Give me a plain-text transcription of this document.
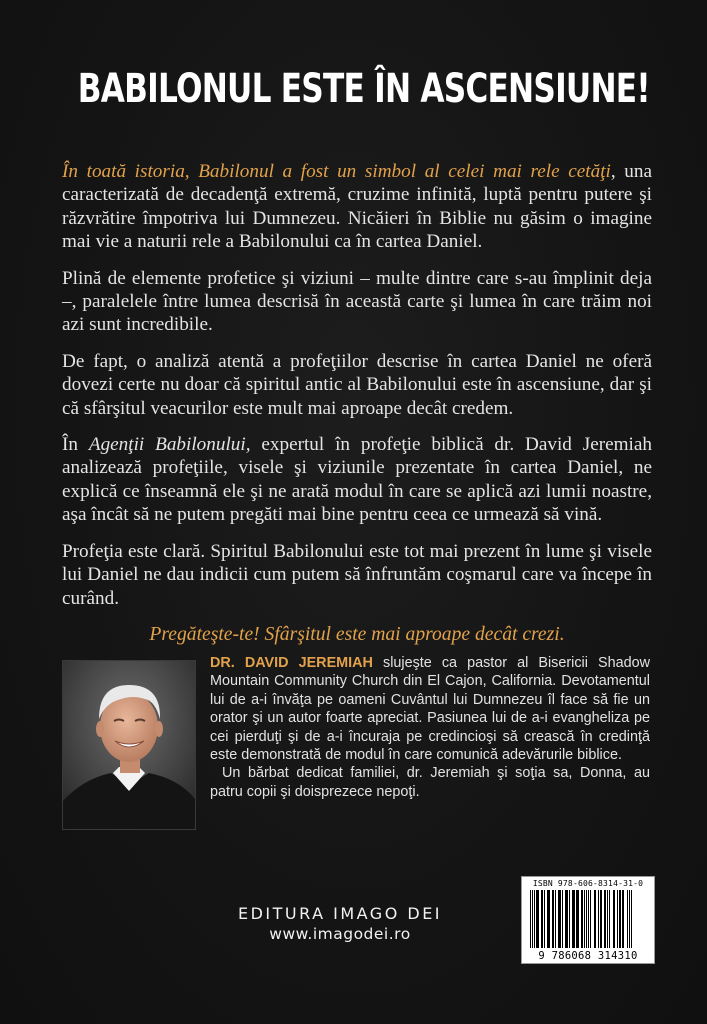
BABILONUL ESTE ÎN ASCENSIUNE!

În toată istoria, Babilonul a fost un simbol al celei mai rele cetăţi, una caracterizată de decadenţă extremă, cruzime infinită, luptă pentru putere şi răzvrătire împotriva lui Dumnezeu. Nicăieri în Biblie nu găsim o imagine mai vie a naturii rele a Babilonului ca în cartea Daniel.

Plină de elemente profetice şi viziuni – multe dintre care s-au împlinit deja –, paralelele între lumea descrisă în această carte şi lumea în care trăim noi azi sunt incredibile.

De fapt, o analiză atentă a profeţiilor descrise în cartea Daniel ne oferă dovezi certe nu doar că spiritul antic al Babilonului este în ascensiune, dar şi că sfârşitul veacurilor este mult mai aproape decât credem.

În Agenţii Babilonului, expertul în profeţie biblică dr. David Jeremiah analizează profeţiile, visele şi viziunile prezentate în cartea Daniel, ne explică ce înseamnă ele şi ne arată modul în care se aplică azi lumii noastre, aşa încât să ne putem pregăti mai bine pentru ceea ce urmează să vină.

Profeţia este clară. Spiritul Babilonului este tot mai prezent în lume şi visele lui Daniel ne dau indicii cum putem să înfruntăm coşmarul care va începe în curând.

Pregăteşte-te! Sfârşitul este mai aproape decât crezi.

DR. DAVID JEREMIAH slujeşte ca pastor al Bisericii Shadow Mountain Community Church din El Cajon, California. Devotamentul lui de a-i învăţa pe oameni Cuvântul lui Dumnezeu îl face să fie un orator şi un autor foarte apreciat. Pasiunea lui de a-i evangheliza pe cei pierduţi şi de a-i încuraja pe credincioşi să crească în credinţă este demonstrată de modul în care comunică adevărurile biblice.

Un bărbat dedicat familiei, dr. Jeremiah şi soţia sa, Donna, au patru copii şi doisprezece nepoţi.

EDITURA IMAGO DEI
www.imagodei.ro
ISBN 978-606-8314-31-0
9 786068 314310
